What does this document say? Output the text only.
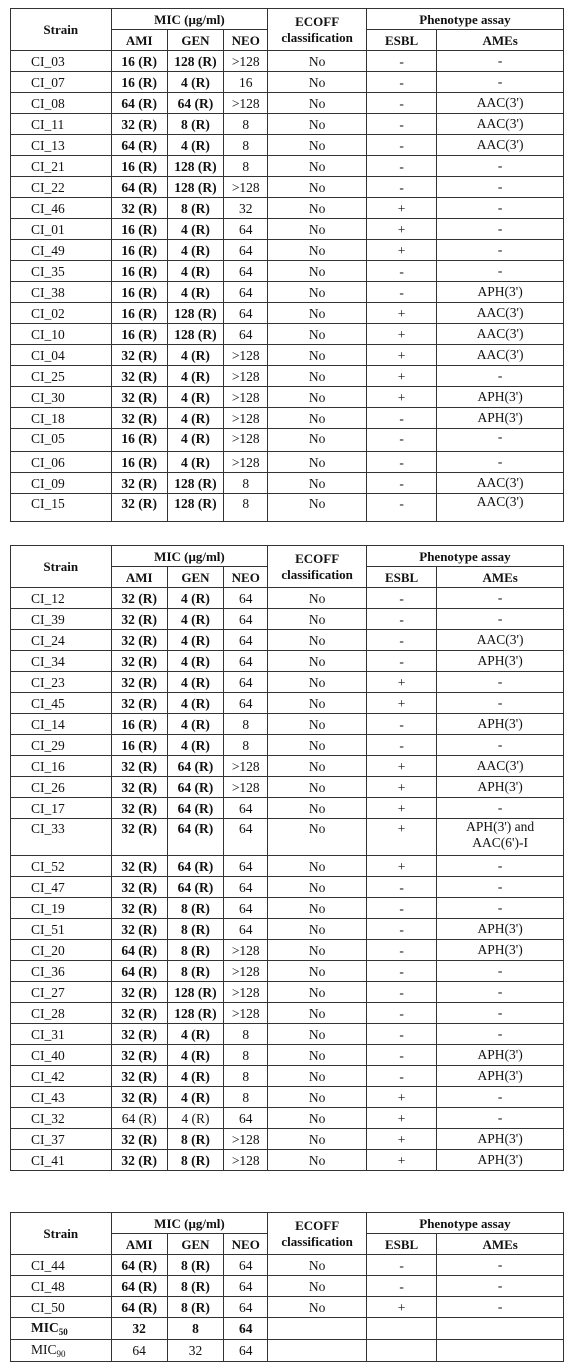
Strain	MIC (μg/ml)			ECOFF
classification	Phenotype assay	
	AMI	GEN	NEO		ESBL	AMEs
CI_03	16 (R)	128 (R)	>128	No	-	-
CI_07	16 (R)	4 (R)	16	No	-	-
CI_08	64 (R)	64 (R)	>128	No	-	AAC(3')
CI_11	32 (R)	8 (R)	8	No	-	AAC(3')
CI_13	64 (R)	4 (R)	8	No	-	AAC(3')
CI_21	16 (R)	128 (R)	8	No	-	-
CI_22	64 (R)	128 (R)	>128	No	-	-
CI_46	32 (R)	8 (R)	32	No	+	-
CI_01	16 (R)	4 (R)	64	No	+	-
CI_49	16 (R)	4 (R)	64	No	+	-
CI_35	16 (R)	4 (R)	64	No	-	-
CI_38	16 (R)	4 (R)	64	No	-	APH(3')
CI_02	16 (R)	128 (R)	64	No	+	AAC(3')
CI_10	16 (R)	128 (R)	64	No	+	AAC(3')
CI_04	32 (R)	4 (R)	>128	No	+	AAC(3')
CI_25	32 (R)	4 (R)	>128	No	+	-
CI_30	32 (R)	4 (R)	>128	No	+	APH(3')
CI_18	32 (R)	4 (R)	>128	No	-	APH(3')
CI_05	16 (R)	4 (R)	>128	No	-	-
CI_06	16 (R)	4 (R)	>128	No	-	-
CI_09	32 (R)	128 (R)	8	No	-	AAC(3')
CI_15	32 (R)	128 (R)	8	No	-	AAC(3')
Strain	MIC (μg/ml)			ECOFF
classification	Phenotype assay	
	AMI	GEN	NEO		ESBL	AMEs
CI_12	32 (R)	4 (R)	64	No	-	-
CI_39	32 (R)	4 (R)	64	No	-	-
CI_24	32 (R)	4 (R)	64	No	-	AAC(3')
CI_34	32 (R)	4 (R)	64	No	-	APH(3')
CI_23	32 (R)	4 (R)	64	No	+	-
CI_45	32 (R)	4 (R)	64	No	+	-
CI_14	16 (R)	4 (R)	8	No	-	APH(3')
CI_29	16 (R)	4 (R)	8	No	-	-
CI_16	32 (R)	64 (R)	>128	No	+	AAC(3')
CI_26	32 (R)	64 (R)	>128	No	+	APH(3')
CI_17	32 (R)	64 (R)	64	No	+	-
CI_33	32 (R)	64 (R)	64	No	+	APH(3') and AAC(6')-I
CI_52	32 (R)	64 (R)	64	No	+	-
CI_47	32 (R)	64 (R)	64	No	-	-
CI_19	32 (R)	8 (R)	64	No	-	-
CI_51	32 (R)	8 (R)	64	No	-	APH(3')
CI_20	64 (R)	8 (R)	>128	No	-	APH(3')
CI_36	64 (R)	8 (R)	>128	No	-	-
CI_27	32 (R)	128 (R)	>128	No	-	-
CI_28	32 (R)	128 (R)	>128	No	-	-
CI_31	32 (R)	4 (R)	8	No	-	-
CI_40	32 (R)	4 (R)	8	No	-	APH(3')
CI_42	32 (R)	4 (R)	8	No	-	APH(3')
CI_43	32 (R)	4 (R)	8	No	+	-
CI_32	64 (R)	4 (R)	64	No	+	-
CI_37	32 (R)	8 (R)	>128	No	+	APH(3')
CI_41	32 (R)	8 (R)	>128	No	+	APH(3')
Strain	MIC (μg/ml)			ECOFF
classification	Phenotype assay	
	AMI	GEN	NEO		ESBL	AMEs
CI_44	64 (R)	8 (R)	64	No	-	-
CI_48	64 (R)	8 (R)	64	No	-	-
CI_50	64 (R)	8 (R)	64	No	+	-
$MIC_{50}$	32	8	64			
$MIC_{90}$	64	32	64			
